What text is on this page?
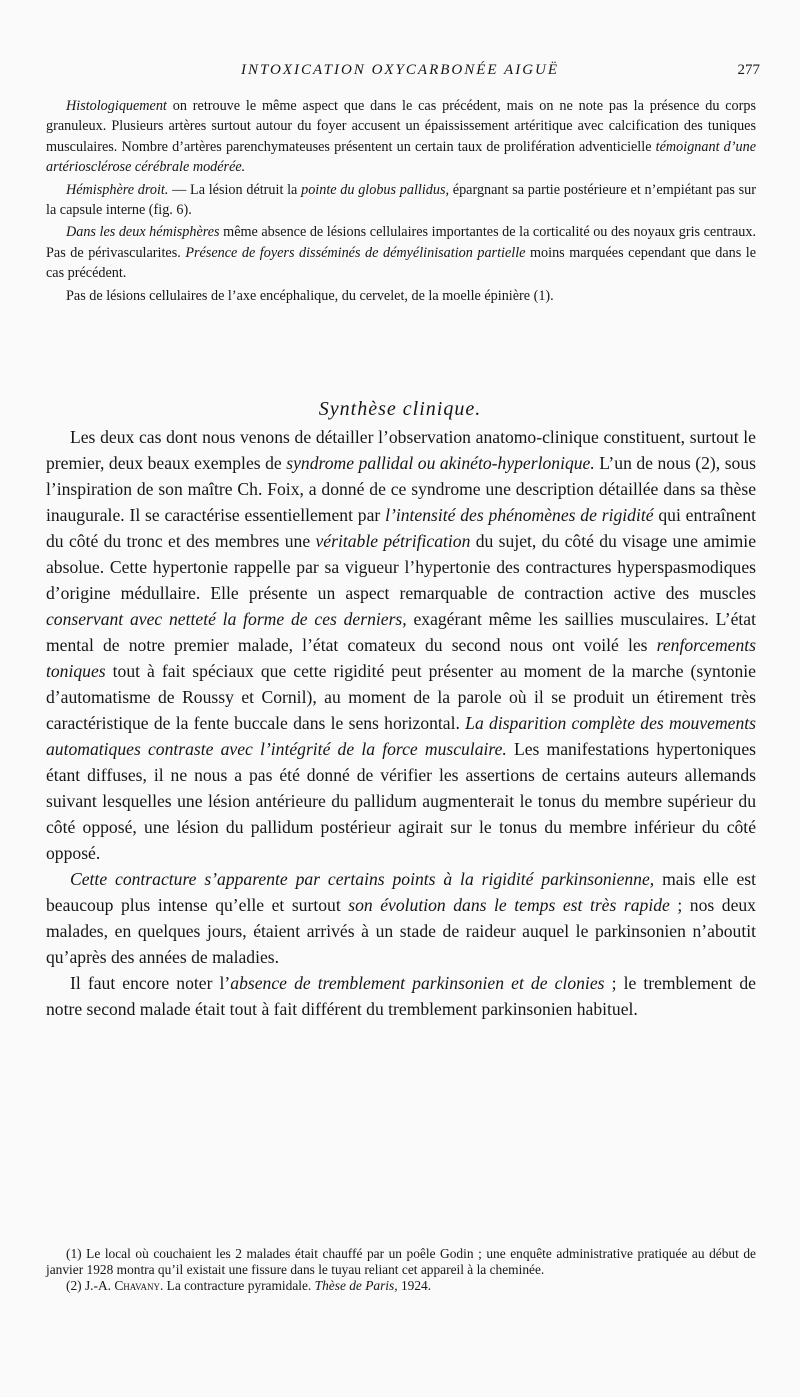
INTOXICATION OXYCARBONÉE AIGUË	277

Histologiquement on retrouve le même aspect que dans le cas précédent, mais on ne note pas la présence du corps granuleux. Plusieurs artères surtout autour du foyer accusent un épaississement artéritique avec calcification des tuniques musculaires. Nombre d’artères parenchymateuses présentent un certain taux de prolifération adventicielle témoignant d’une artériosclérose cérébrale modérée.

Hémisphère droit. — La lésion détruit la pointe du globus pallidus, épargnant sa partie postérieure et n’empiétant pas sur la capsule interne (fig. 6).

Dans les deux hémisphères même absence de lésions cellulaires importantes de la corticalité ou des noyaux gris centraux. Pas de périvascularites. Présence de foyers disséminés de démyélinisation partielle moins marquées cependant que dans le cas précédent.

Pas de lésions cellulaires de l’axe encéphalique, du cervelet, de la moelle épinière (1).

Synthèse clinique.

Les deux cas dont nous venons de détailler l’observation anatomo-clinique constituent, surtout le premier, deux beaux exemples de syndrome pallidal ou akinéto-hyperlonique. L’un de nous (2), sous l’inspiration de son maître Ch. Foix, a donné de ce syndrome une description détaillée dans sa thèse inaugurale. Il se caractérise essentiellement par l’intensité des phénomènes de rigidité qui entraînent du côté du tronc et des membres une véritable pétrification du sujet, du côté du visage une amimie absolue. Cette hypertonie rappelle par sa vigueur l’hypertonie des contractures hyperspasmodiques d’origine médullaire. Elle présente un aspect remarquable de contraction active des muscles conservant avec netteté la forme de ces derniers, exagérant même les saillies musculaires. L’état mental de notre premier malade, l’état comateux du second nous ont voilé les renforcements toniques tout à fait spéciaux que cette rigidité peut présenter au moment de la marche (syntonie d’automatisme de Roussy et Cornil), au moment de la parole où il se produit un étirement très caractéristique de la fente buccale dans le sens horizontal. La disparition complète des mouvements automatiques contraste avec l’intégrité de la force musculaire. Les manifestations hypertoniques étant diffuses, il ne nous a pas été donné de vérifier les assertions de certains auteurs allemands suivant lesquelles une lésion antérieure du pallidum augmenterait le tonus du membre supérieur du côté opposé, une lésion du pallidum postérieur agirait sur le tonus du membre inférieur du côté opposé.

Cette contracture s’apparente par certains points à la rigidité parkinsonienne, mais elle est beaucoup plus intense qu’elle et surtout son évolution dans le temps est très rapide ; nos deux malades, en quelques jours, étaient arrivés à un stade de raideur auquel le parkinsonien n’aboutit qu’après des années de maladies.

Il faut encore noter l’absence de tremblement parkinsonien et de clonies ; le tremblement de notre second malade était tout à fait différent du tremblement parkinsonien habituel.

(1) Le local où couchaient les 2 malades était chauffé par un poêle Godin ; une enquête administrative pratiquée au début de janvier 1928 montra qu’il existait une fissure dans le tuyau reliant cet appareil à la cheminée.

(2) J.-A. Chavany. La contracture pyramidale. Thèse de Paris, 1924.
